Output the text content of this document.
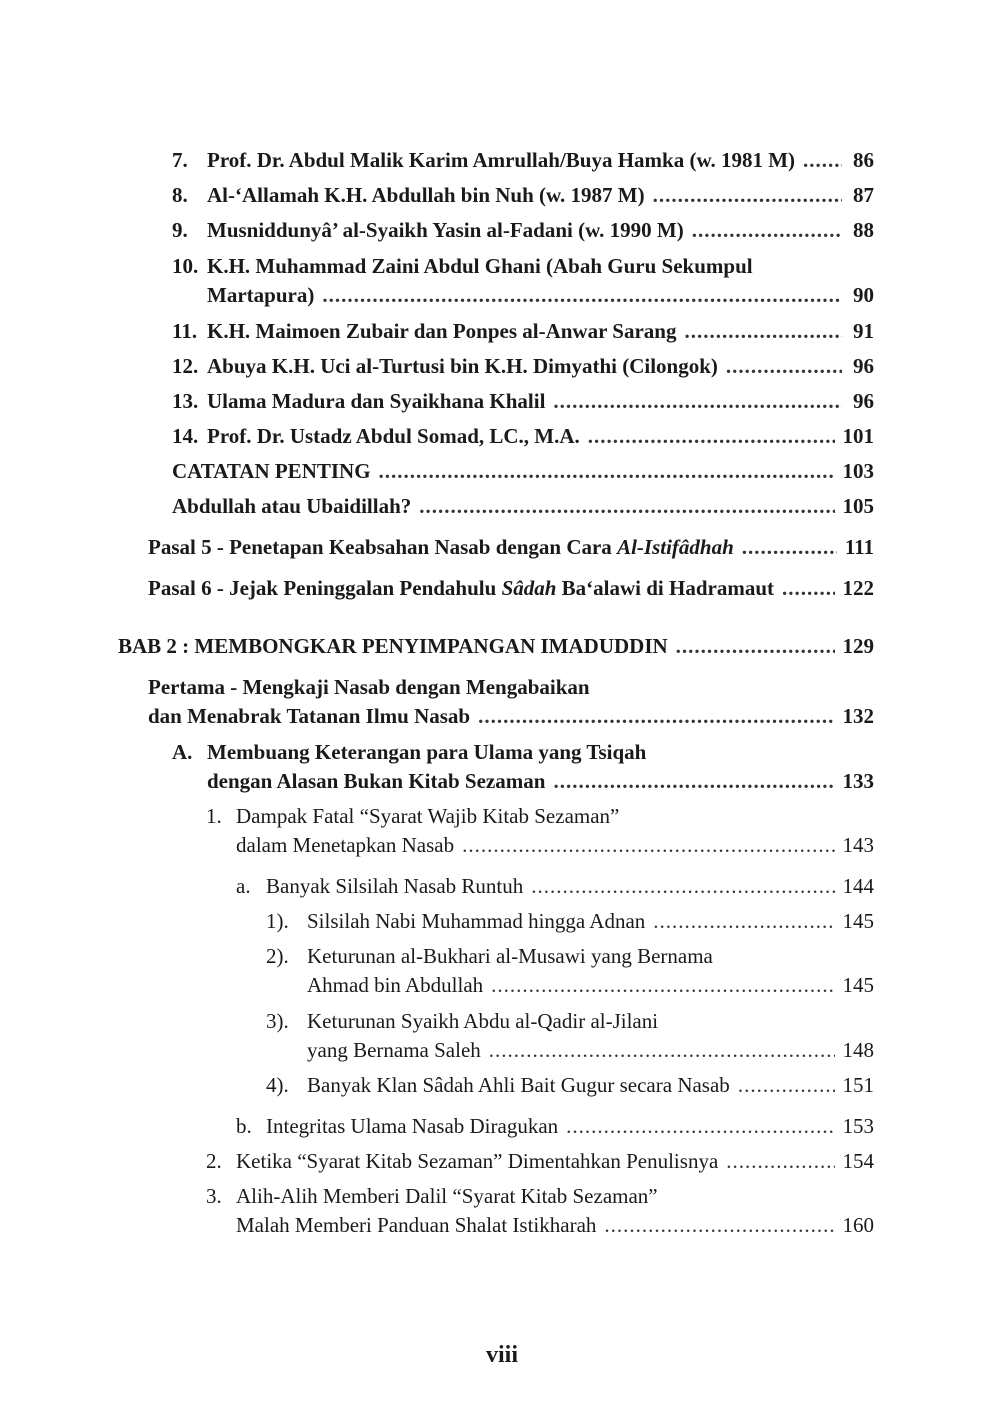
7. Prof. Dr. Abdul Malik Karim Amrullah/Buya Hamka (w. 1981 M) .....	86
8. Al-‘Allamah K.H. Abdullah bin Nuh (w. 1987 M) .....	87
9. Musniddunyâ’ al-Syaikh Yasin al-Fadani (w. 1990 M) .....	88
10. K.H. Muhammad Zaini Abdul Ghani (Abah Guru Sekumpul
Martapura) .....	90
11. K.H. Maimoen Zubair dan Ponpes al-Anwar Sarang .....	91
12. Abuya K.H. Uci al-Turtusi bin K.H. Dimyathi (Cilongok) .....	96
13. Ulama Madura dan Syaikhana Khalil .....	96
14. Prof. Dr. Ustadz Abdul Somad, LC., M.A. .....	101
CATATAN PENTING .....	103
Abdullah atau Ubaidillah? .....	105
Pasal 5 - Penetapan Keabsahan Nasab dengan Cara Al-Istifâdhah .....	111
Pasal 6 - Jejak Peninggalan Pendahulu Sâdah Ba‘alawi di Hadramaut .....	122
BAB 2 : MEMBONGKAR PENYIMPANGAN IMADUDDIN .....	129
Pertama - Mengkaji Nasab dengan Mengabaikan
dan Menabrak Tatanan Ilmu Nasab .....	132
A. Membuang Keterangan para Ulama yang Tsiqah
dengan Alasan Bukan Kitab Sezaman .....	133
1. Dampak Fatal “Syarat Wajib Kitab Sezaman”
dalam Menetapkan Nasab .....	143
a. Banyak Silsilah Nasab Runtuh .....	144
1). Silsilah Nabi Muhammad hingga Adnan .....	145
2). Keturunan al-Bukhari al-Musawi yang Bernama
Ahmad bin Abdullah .....	145
3). Keturunan Syaikh Abdu al-Qadir al-Jilani
yang Bernama Saleh .....	148
4). Banyak Klan Sâdah Ahli Bait Gugur secara Nasab .....	151
b. Integritas Ulama Nasab Diragukan .....	153
2. Ketika “Syarat Kitab Sezaman” Dimentahkan Penulisnya .....	154
3. Alih-Alih Memberi Dalil “Syarat Kitab Sezaman”
Malah Memberi Panduan Shalat Istikharah .....	160
viii
